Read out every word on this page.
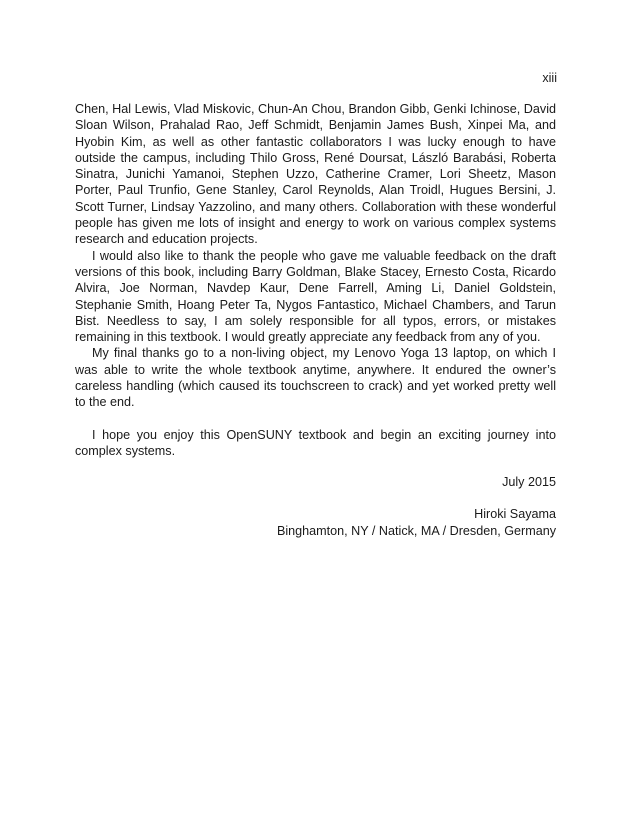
xiii

Chen, Hal Lewis, Vlad Miskovic, Chun-An Chou, Brandon Gibb, Genki Ichinose, David Sloan Wilson, Prahalad Rao, Jeff Schmidt, Benjamin James Bush, Xinpei Ma, and Hyobin Kim, as well as other fantastic collaborators I was lucky enough to have outside the campus, including Thilo Gross, René Doursat, László Barabási, Roberta Sinatra, Junichi Yamanoi, Stephen Uzzo, Catherine Cramer, Lori Sheetz, Mason Porter, Paul Trunfio, Gene Stanley, Carol Reynolds, Alan Troidl, Hugues Bersini, J. Scott Turner, Lindsay Yazzolino, and many others. Collaboration with these wonderful people has given me lots of insight and energy to work on various complex systems research and education projects.

I would also like to thank the people who gave me valuable feedback on the draft versions of this book, including Barry Goldman, Blake Stacey, Ernesto Costa, Ricardo Alvira, Joe Norman, Navdep Kaur, Dene Farrell, Aming Li, Daniel Goldstein, Stephanie Smith, Hoang Peter Ta, Nygos Fantastico, Michael Chambers, and Tarun Bist. Needless to say, I am solely responsible for all typos, errors, or mistakes remaining in this textbook. I would greatly appreciate any feedback from any of you.

My final thanks go to a non-living object, my Lenovo Yoga 13 laptop, on which I was able to write the whole textbook anytime, anywhere. It endured the owner’s careless handling (which caused its touchscreen to crack) and yet worked pretty well to the end.

I hope you enjoy this OpenSUNY textbook and begin an exciting journey into complex systems.

July 2015
Hiroki Sayama
Binghamton, NY / Natick, MA / Dresden, Germany
